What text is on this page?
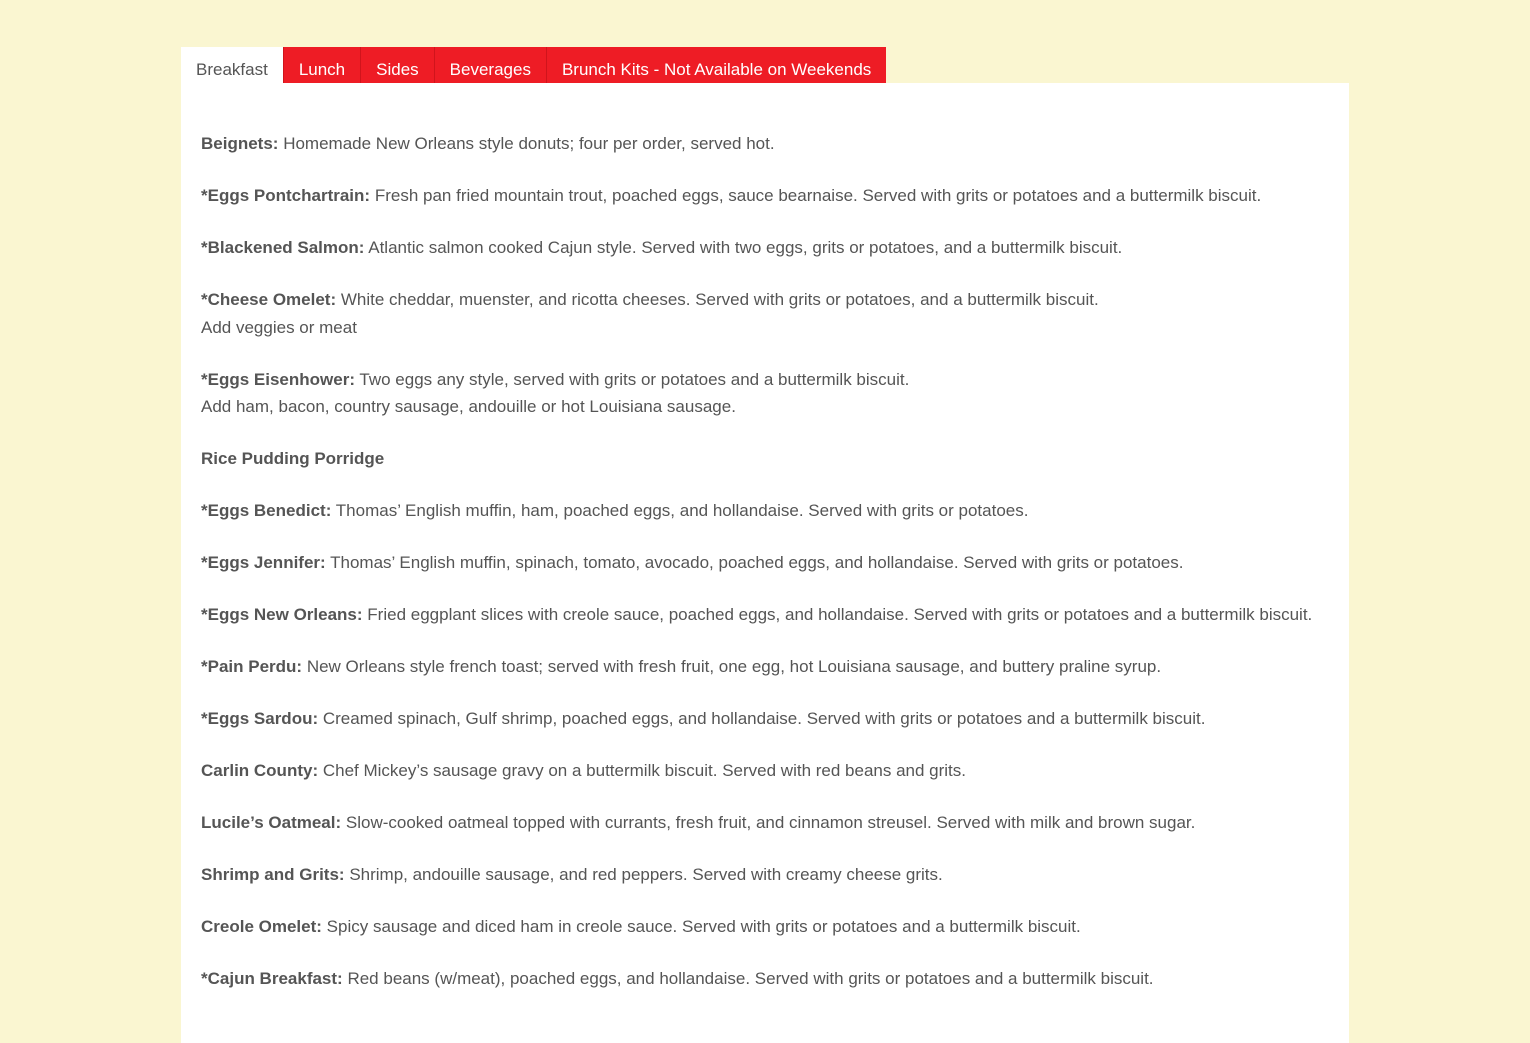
Breakfast	Lunch	Sides	Beverages	Brunch Kits - Not Available on Weekends
Beignets: Homemade New Orleans style donuts; four per order, served hot.
*Eggs Pontchartrain: Fresh pan fried mountain trout, poached eggs, sauce bearnaise. Served with grits or potatoes and a buttermilk biscuit.
*Blackened Salmon: Atlantic salmon cooked Cajun style. Served with two eggs, grits or potatoes, and a buttermilk biscuit.
*Cheese Omelet: White cheddar, muenster, and ricotta cheeses. Served with grits or potatoes, and a buttermilk biscuit.
Add veggies or meat
*Eggs Eisenhower: Two eggs any style, served with grits or potatoes and a buttermilk biscuit.
Add ham, bacon, country sausage, andouille or hot Louisiana sausage.
Rice Pudding Porridge
*Eggs Benedict: Thomas’ English muffin, ham, poached eggs, and hollandaise. Served with grits or potatoes.
*Eggs Jennifer: Thomas’ English muffin, spinach, tomato, avocado, poached eggs, and hollandaise. Served with grits or potatoes.
*Eggs New Orleans: Fried eggplant slices with creole sauce, poached eggs, and hollandaise. Served with grits or potatoes and a buttermilk biscuit.
*Pain Perdu: New Orleans style french toast; served with fresh fruit, one egg, hot Louisiana sausage, and buttery praline syrup.
*Eggs Sardou: Creamed spinach, Gulf shrimp, poached eggs, and hollandaise. Served with grits or potatoes and a buttermilk biscuit.
Carlin County: Chef Mickey’s sausage gravy on a buttermilk biscuit. Served with red beans and grits.
Lucile’s Oatmeal: Slow-cooked oatmeal topped with currants, fresh fruit, and cinnamon streusel. Served with milk and brown sugar.
Shrimp and Grits: Shrimp, andouille sausage, and red peppers. Served with creamy cheese grits.
Creole Omelet: Spicy sausage and diced ham in creole sauce. Served with grits or potatoes and a buttermilk biscuit.
*Cajun Breakfast: Red beans (w/meat), poached eggs, and hollandaise. Served with grits or potatoes and a buttermilk biscuit.
